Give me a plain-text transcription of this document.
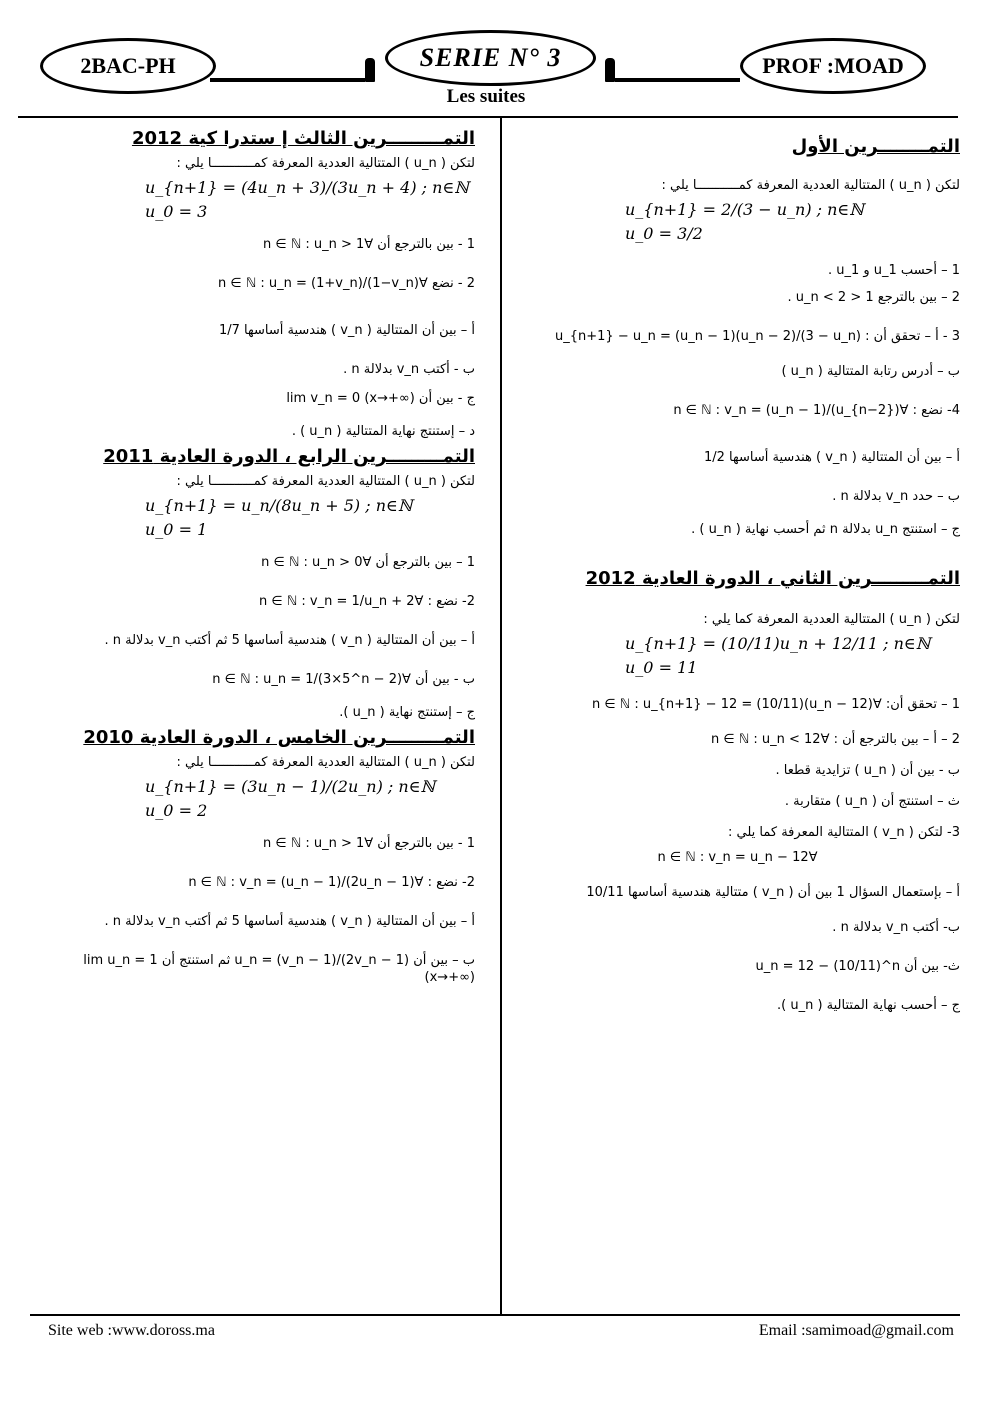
2BAC-PH	SERIE N° 3	PROF :MOAD
Les suites
التمـــــــــرين الثالث إ ستدرا كية 2012
لتكن ( u_n ) المتتالية العددية المعرفة كمـــــــــــا يلي :
u_{n+1} = (4u_n + 3)/(3u_n + 4) ; n∈ℕ
u_0 = 3
1 - بين بالترجع أن ∀n ∈ ℕ : u_n > 1
2 - نضع ∀n ∈ ℕ : u_n = (1+v_n)/(1−v_n)
أ – بين أن المتتالية ( v_n ) هندسية أساسها 1/7
ب - أكتب v_n بدلالة n .
ج - بين أن lim v_n = 0 (x→+∞)
د – إستنتج نهاية المتتالية ( u_n ) .
التمـــــــــرين الرابع ، الدورة العادية 2011
لتكن ( u_n ) المتتالية العددية المعرفة كمـــــــــــا يلي :
u_{n+1} = u_n/(8u_n + 5) ; n∈ℕ
u_0 = 1
1 – بين بالترجع أن ∀n ∈ ℕ : u_n > 0
2- نضع : ∀n ∈ ℕ : v_n = 1/u_n + 2
أ – بين أن المتتالية ( v_n ) هندسية أساسها 5 ثم أكتب v_n بدلالة n .
ب - بين أن ∀n ∈ ℕ : u_n = 1/(3×5^n − 2)
ج – إستنتج نهاية ( u_n ).
التمـــــــــرين الخامس ، الدورة العادية 2010
لتكن ( u_n ) المتتالية العددية المعرفة كمـــــــــــا يلي :
u_{n+1} = (3u_n − 1)/(2u_n) ; n∈ℕ
u_0 = 2
1 - بين بالترجع أن ∀n ∈ ℕ : u_n > 1
2- نضع : ∀n ∈ ℕ : v_n = (u_n − 1)/(2u_n − 1)
أ – بين أن المتتالية ( v_n ) هندسية أساسها 5 ثم أكتب v_n بدلالة n .
ب – بين أن u_n = (v_n − 1)/(2v_n − 1) ثم استنتج أن lim u_n = 1 (x→+∞)
التمــــــــرين الأول
لتكن ( u_n ) المتتالية العددية المعرفة كمـــــــــــا يلي :
u_{n+1} = 2/(3 − u_n) ; n∈ℕ
u_0 = 3/2
1 – أحسب u_1 و u_1 .
2 – بين بالترجع 1 < u_n < 2 .
3 - أ – تحقق أن : u_{n+1} − u_n = (u_n − 1)(u_n − 2)/(3 − u_n)
ب – أدرس رتابة المتتالية ( u_n )
4- نضع : ∀n ∈ ℕ : v_n = (u_n − 1)/(u_{n−2})
أ – بين أن المتتالية ( v_n ) هندسية أساسها 1/2
ب – حدد v_n بدلالة n .
ج – استنتج u_n بدلالة n ثم أحسب نهاية ( u_n ) .
التمـــــــــرين الثاني ، الدورة العادية 2012
لتكن ( u_n ) المتتالية العددية المعرفة كما يلي :
u_{n+1} = (10/11)u_n + 12/11 ; n∈ℕ
u_0 = 11
1 – تحقق أن: ∀n ∈ ℕ : u_{n+1} − 12 = (10/11)(u_n − 12)
2 – أ – بين بالترجع أن : ∀n ∈ ℕ : u_n < 12
ب - بين أن ( u_n ) تزايدية قطعا .
ث – استنتج أن ( u_n ) متقاربة .
3- لتكن ( v_n ) المتتالية المعرفة كما يلي :
∀n ∈ ℕ : v_n = u_n − 12
أ – بإستعمال السؤال 1 بين أن ( v_n ) متتالية هندسية أساسها 10/11
ب- أكتب v_n بدلالة n .
ث- بين أن u_n = 12 − (10/11)^n
ج – أحسب نهاية المتتالية ( u_n ).
Site web :www.doross.ma	Email :samimoad@gmail.com
